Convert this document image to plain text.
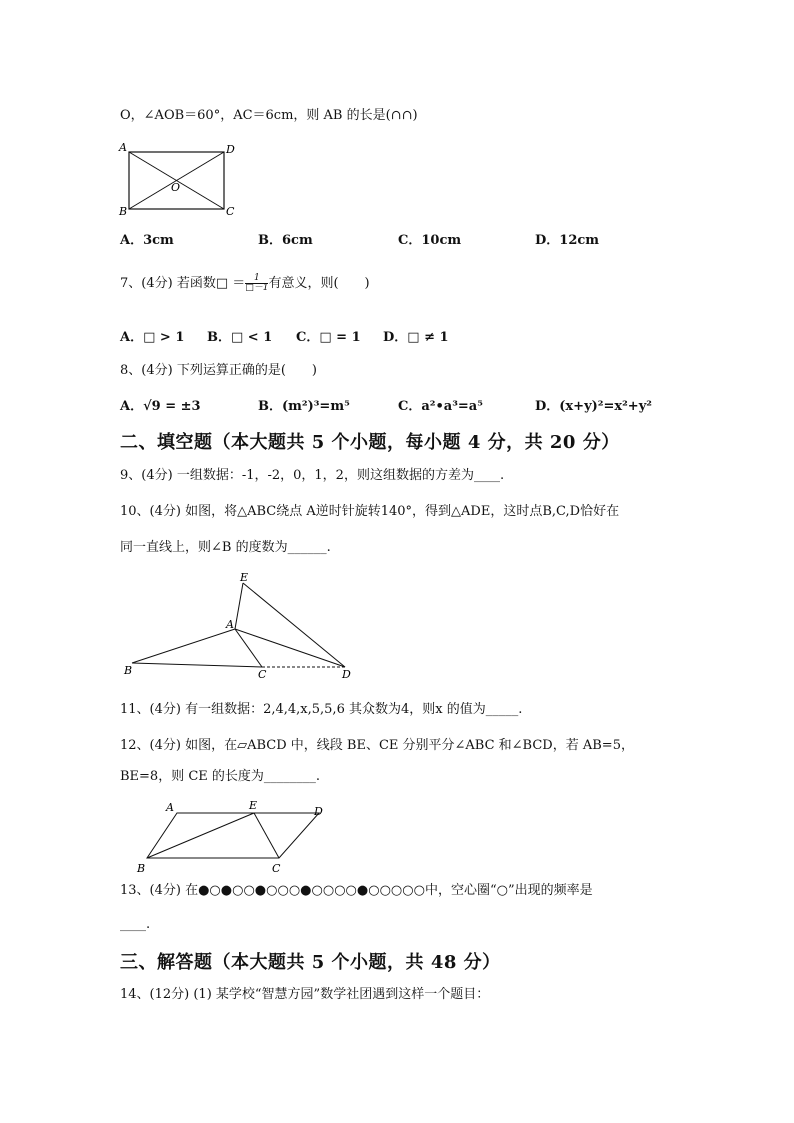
O，∠AOB＝60°，AC＝6cm，则 AB 的长是(∩∩)
A	D
O
B	C
A．3cm	B．6cm	C．10cm	D．12cm
7、(4分) 若函数□ ＝ $\frac{1}{□-1}$ 有意义，则(　　)
A．□ > 1 B．□ < 1 C．□ = 1 D．□ ≠ 1
8、(4分) 下列运算正确的是(　　)
A．√9 = ±3	B．(m²)³=m⁵	C．a²•a³=a⁵	D．(x+y)²=x²+y²
二、填空题（本大题共 5 个小题，每小题 4 分，共 20 分）
9、(4分) 一组数据：-1，-2，0，1，2，则这组数据的方差为____.
10、(4分) 如图，将△ABC绕点 A逆时针旋转140°，得到△ADE，这时点B,C,D恰好在
同一直线上，则∠B 的度数为______.
E
A
B	C	D
11、(4分) 有一组数据：2,4,4,x,5,5,6 其众数为4，则x 的值为_____.
12、(4分) 如图，在▱ABCD 中，线段 BE、CE 分别平分∠ABC 和∠BCD，若 AB=5，
BE=8，则 CE 的长度为________.
A	E	D
B	C
13、(4分) 在●○●○○●○○○●○○○○●○○○○○中，空心圈“○”出现的频率是
____.
三、解答题（本大题共 5 个小题，共 48 分）
14、(12分) (1) 某学校“智慧方园”数学社团遇到这样一个题目：
